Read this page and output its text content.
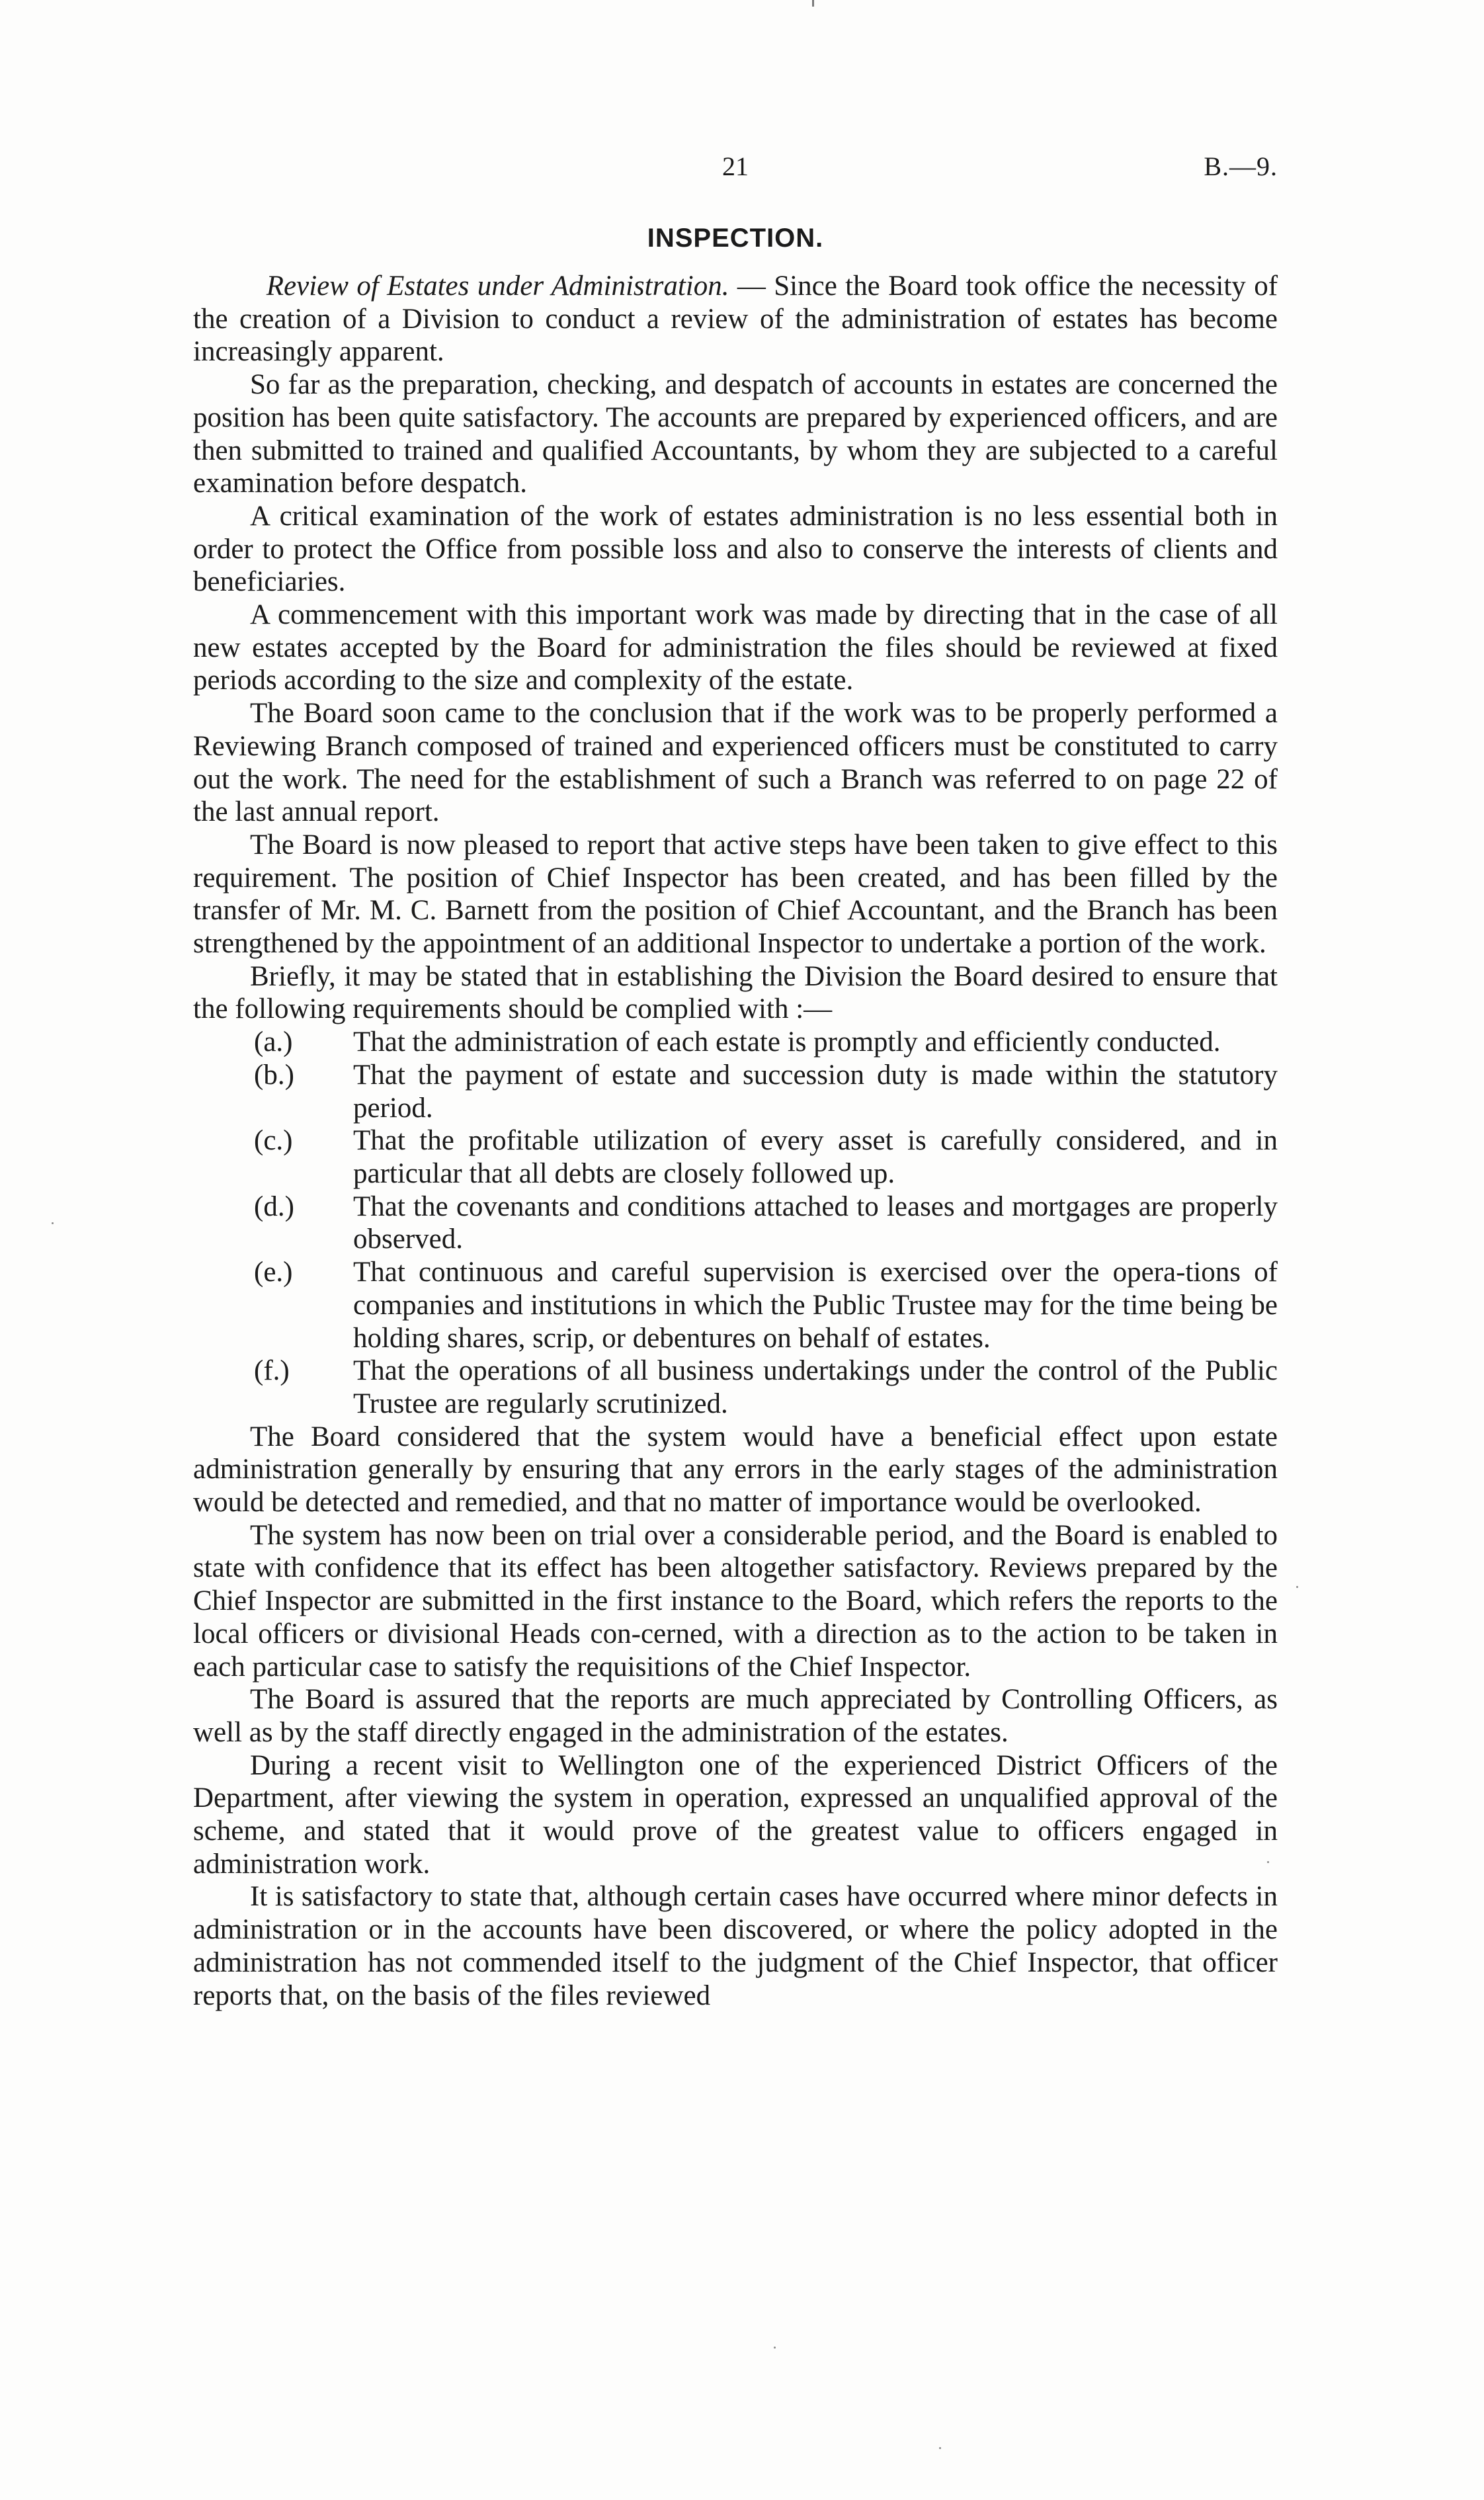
21	B.—9.
INSPECTION.

Review of Estates under Administration. — Since the Board took office the necessity of the creation of a Division to conduct a review of the administration of estates has become increasingly apparent.

So far as the preparation, checking, and despatch of accounts in estates are concerned the position has been quite satisfactory. The accounts are prepared by experienced officers, and are then submitted to trained and qualified Accountants, by whom they are subjected to a careful examination before despatch.

A critical examination of the work of estates administration is no less essential both in order to protect the Office from possible loss and also to conserve the interests of clients and beneficiaries.

A commencement with this important work was made by directing that in the case of all new estates accepted by the Board for administration the files should be reviewed at fixed periods according to the size and complexity of the estate.

The Board soon came to the conclusion that if the work was to be properly performed a Reviewing Branch composed of trained and experienced officers must be constituted to carry out the work. The need for the establishment of such a Branch was referred to on page 22 of the last annual report.

The Board is now pleased to report that active steps have been taken to give effect to this requirement. The position of Chief Inspector has been created, and has been filled by the transfer of Mr. M. C. Barnett from the position of Chief Accountant, and the Branch has been strengthened by the appointment of an additional Inspector to undertake a portion of the work.

Briefly, it may be stated that in establishing the Division the Board desired to ensure that the following requirements should be complied with :—

(a.) That the administration of each estate is promptly and efficiently conducted.
(b.) That the payment of estate and succession duty is made within the statutory period.
(c.) That the profitable utilization of every asset is carefully considered, and in particular that all debts are closely followed up.
(d.) That the covenants and conditions attached to leases and mortgages are properly observed.
(e.) That continuous and careful supervision is exercised over the opera-tions of companies and institutions in which the Public Trustee may for the time being be holding shares, scrip, or debentures on behalf of estates.
(f.) That the operations of all business undertakings under the control of the Public Trustee are regularly scrutinized.

The Board considered that the system would have a beneficial effect upon estate administration generally by ensuring that any errors in the early stages of the administration would be detected and remedied, and that no matter of importance would be overlooked.

The system has now been on trial over a considerable period, and the Board is enabled to state with confidence that its effect has been altogether satisfactory. Reviews prepared by the Chief Inspector are submitted in the first instance to the Board, which refers the reports to the local officers or divisional Heads con-cerned, with a direction as to the action to be taken in each particular case to satisfy the requisitions of the Chief Inspector.

The Board is assured that the reports are much appreciated by Controlling Officers, as well as by the staff directly engaged in the administration of the estates.

During a recent visit to Wellington one of the experienced District Officers of the Department, after viewing the system in operation, expressed an unqualified approval of the scheme, and stated that it would prove of the greatest value to officers engaged in administration work.

It is satisfactory to state that, although certain cases have occurred where minor defects in administration or in the accounts have been discovered, or where the policy adopted in the administration has not commended itself to the judgment of the Chief Inspector, that officer reports that, on the basis of the files reviewed
